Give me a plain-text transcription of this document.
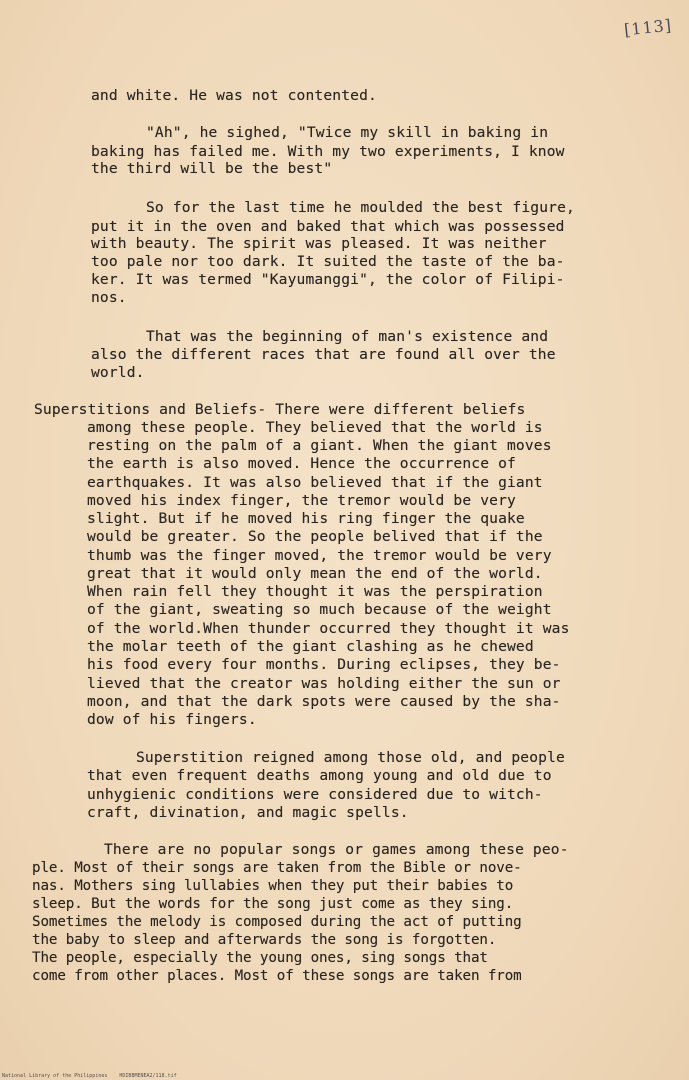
[113]
and white. He was not contented.
"Ah", he sighed, "Twice my skill in baking in
baking has failed me. With my two experiments, I know
the third will be the best"
So for the last time he moulded the best figure,
put it in the oven and baked that which was possessed
with beauty. The spirit was pleased. It was neither
too pale nor too dark. It suited the taste of the ba-
ker. It was termed "Kayumanggi", the color of Filipi-
nos.
That was the beginning of man's existence and
also the different races that are found all over the
world.
Superstitions and Beliefs- There were different beliefs
among these people. They believed that the world is
resting on the palm of a giant. When the giant moves
the earth is also moved. Hence the occurrence of
earthquakes. It was also believed that if the giant
moved his index finger, the tremor would be very
slight. But if he moved his ring finger the quake
would be greater. So the people belived that if the
thumb was the finger moved, the tremor would be very
great that it would only mean the end of the world.
When rain fell they thought it was the perspiration
of the giant, sweating so much because of the weight
of the world.When thunder occurred they thought it was
the molar teeth of the giant clashing as he chewed
his food every four months. During eclipses, they be-
lieved that the creator was holding either the sun or
moon, and that the dark spots were caused by the sha-
dow of his fingers.
Superstition reigned among those old, and people
that even frequent deaths among young and old due to
unhygienic conditions were considered due to witch-
craft, divination, and magic spells.
There are no popular songs or games among these peo-
ple. Most of their songs are taken from the Bible or nove-
nas. Mothers sing lullabies when they put their babies to
sleep. But the words for the song just come as they sing.
Sometimes the melody is composed during the act of putting
the baby to sleep and afterwards the song is forgotten.
The people, especially the young ones, sing songs that
come from other places. Most of these songs are taken from
National Library of the Philippines    HDIBBMENEA2/118.tif
